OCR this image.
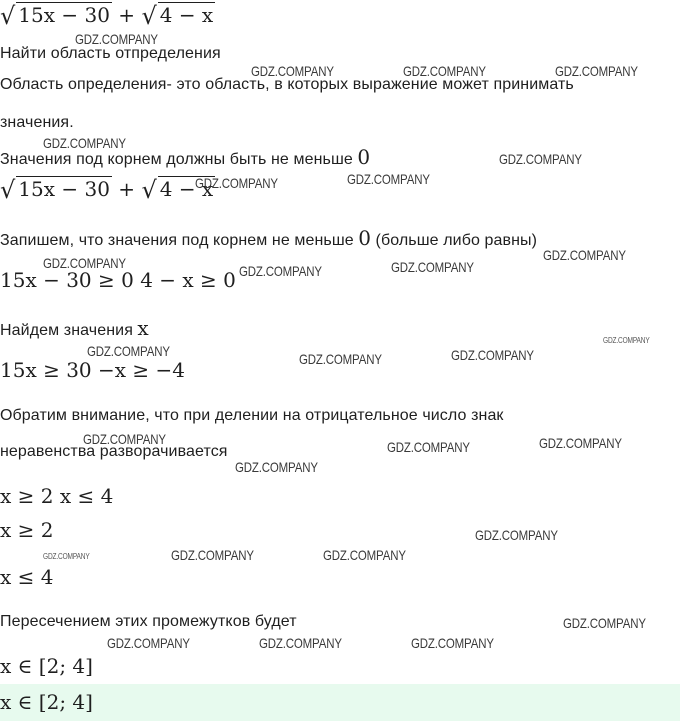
√ 15x − 30 + √ 4 − x
Найти область отпределения
Область определения- это область, в которых выражение может принимать
значения.
Значения под корнем должны быть не меньше 0
√ 15x − 30 + √ 4 − x
Запишем, что значения под корнем не меньше 0 (больше либо равны)
15x − 30 ≥ 0 4 − x ≥ 0
Найдем значения x
15x ≥ 30 −x ≥ −4
Обратим внимание, что при делении на отрицательное число знак
неравенства разворачивается
x ≥ 2 x ≤ 4
x ≥ 2
x ≤ 4
Пересечением этих промежутков будет
x ∈ [2; 4]
x ∈ [2; 4]
GDZ.COMPANY
GDZ.COMPANY	GDZ.COMPANY	GDZ.COMPANY
GDZ.COMPANY
GDZ.COMPANY
GDZ.COMPANY	GDZ.COMPANY
GDZ.COMPANY
GDZ.COMPANY	GDZ.COMPANY	GDZ.COMPANY
GDZ.COMPANY
GDZ.COMPANY	GDZ.COMPANY	GDZ.COMPANY
GDZ.COMPANY	GDZ.COMPANY	GDZ.COMPANY
GDZ.COMPANY
GDZ.COMPANY
GDZ.COMPANY	GDZ.COMPANY	GDZ.COMPANY
GDZ.COMPANY
GDZ.COMPANY	GDZ.COMPANY	GDZ.COMPANY
